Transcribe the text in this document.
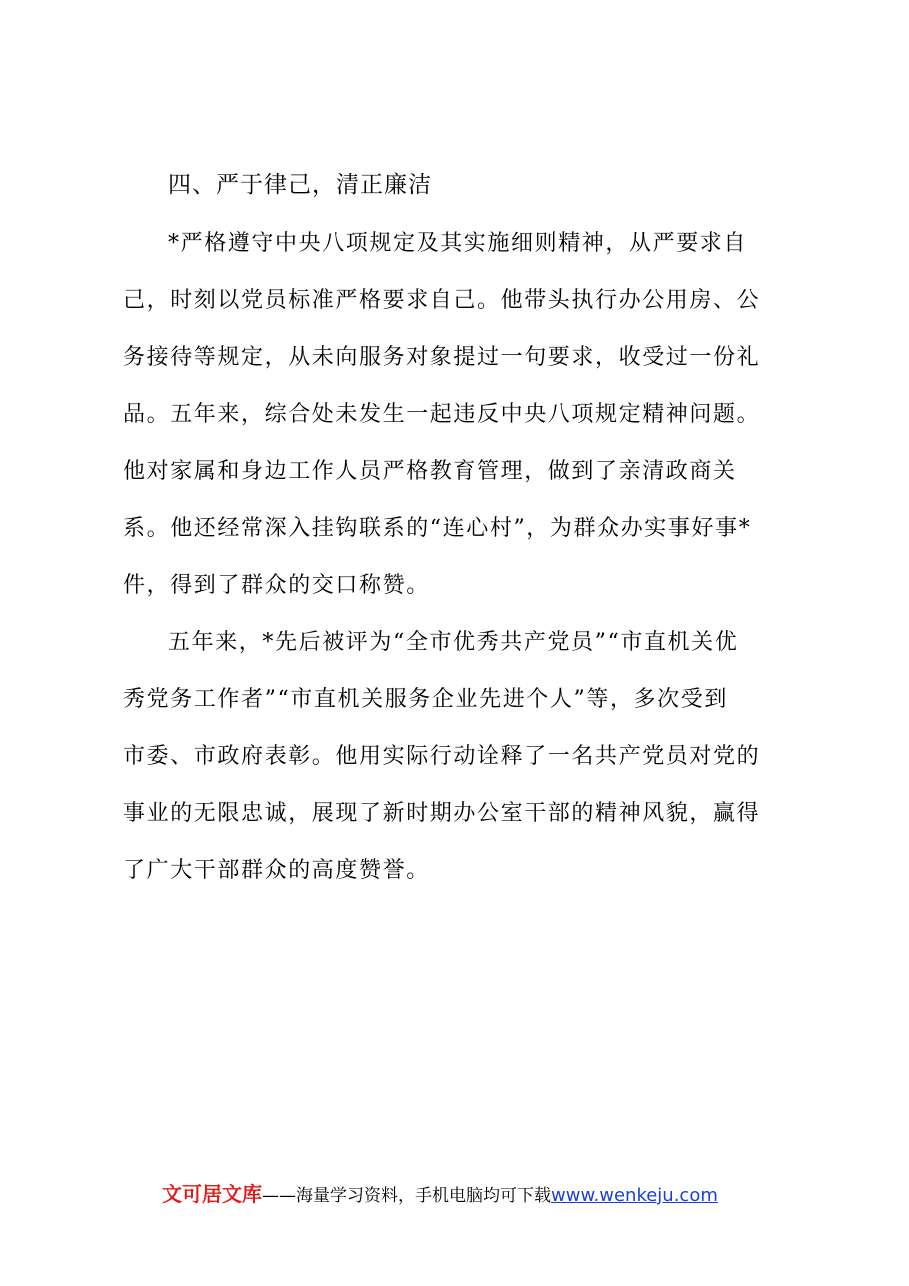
四、严于律己，清正廉洁
*严格遵守中央八项规定及其实施细则精神，从严要求自
己，时刻以党员标准严格要求自己。他带头执行办公用房、公
务接待等规定，从未向服务对象提过一句要求，收受过一份礼
品。五年来，综合处未发生一起违反中央八项规定精神问题。
他对家属和身边工作人员严格教育管理，做到了亲清政商关
系。他还经常深入挂钩联系的“连心村”，为群众办实事好事*
件，得到了群众的交口称赞。
五年来，*先后被评为“全市优秀共产党员”“市直机关优
秀党务工作者”“市直机关服务企业先进个人”等，多次受到
市委、市政府表彰。他用实际行动诠释了一名共产党员对党的
事业的无限忠诚，展现了新时期办公室干部的精神风貌，赢得
了广大干部群众的高度赞誉。
文可居文库——海量学习资料，手机电脑均可下载www.wenkeju.com
